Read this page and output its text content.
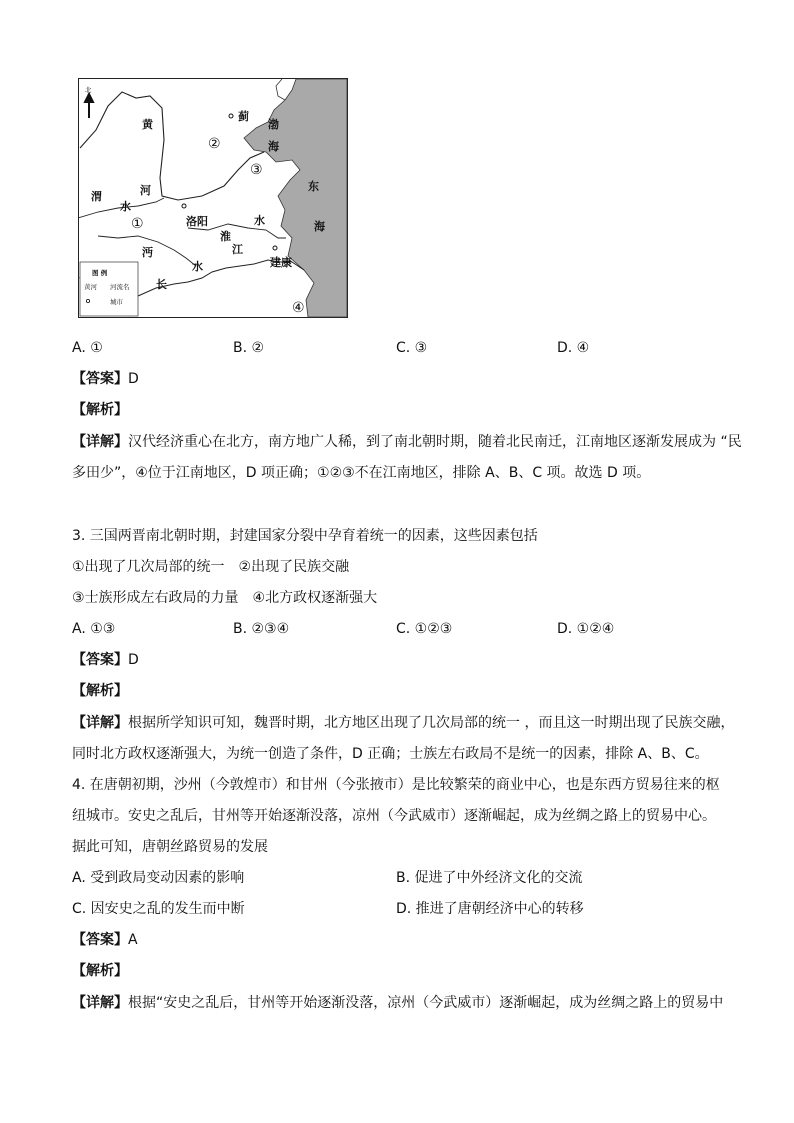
北
黄
河
渭
水
洛阳
淮
水
沔
水
长
江
蓟
渤
海
东
海
建康
①
②
③
④
图 例
黄河 河流名
城市
A. ①	B. ②	C. ③	D. ④
【答案】D
【解析】
【详解】汉代经济重心在北方，南方地广人稀，到了南北朝时期，随着北民南迁，江南地区逐渐发展成为 “民
多田少”，④位于江南地区，D 项正确；①②③不在江南地区，排除 A、B、C 项。故选 D 项。
3. 三国两晋南北朝时期，封建国家分裂中孕育着统一的因素，这些因素包括
①出现了几次局部的统一　②出现了民族交融
③士族形成左右政局的力量　④北方政权逐渐强大
A. ①③	B. ②③④	C. ①②③	D. ①②④
【答案】D
【解析】
【详解】根据所学知识可知，魏晋时期，北方地区出现了几次局部的统一 ，而且这一时期出现了民族交融，
同时北方政权逐渐强大，为统一创造了条件，D 正确；士族左右政局不是统一的因素，排除 A、B、C。
4. 在唐朝初期，沙州（今敦煌市）和甘州（今张掖市）是比较繁荣的商业中心，也是东西方贸易往来的枢
纽城市。安史之乱后，甘州等开始逐渐没落，凉州（今武威市）逐渐崛起，成为丝绸之路上的贸易中心。
据此可知，唐朝丝路贸易的发展
A. 受到政局变动因素的影响	B. 促进了中外经济文化的交流
C. 因安史之乱的发生而中断	D. 推进了唐朝经济中心的转移
【答案】A
【解析】
【详解】根据“安史之乱后，甘州等开始逐渐没落，凉州（今武威市）逐渐崛起，成为丝绸之路上的贸易中
